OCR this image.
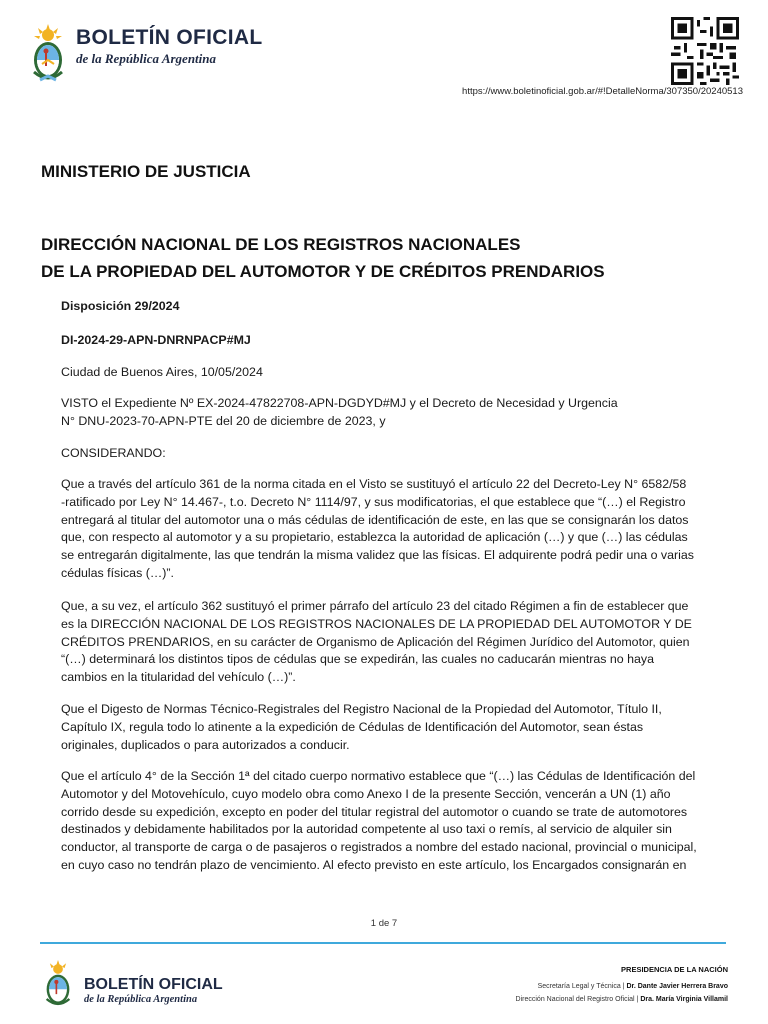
BOLETÍN OFICIAL
de la República Argentina
https://www.boletinoficial.gob.ar/#!DetalleNorma/307350/20240513
MINISTERIO DE JUSTICIA
DIRECCIÓN NACIONAL DE LOS REGISTROS NACIONALES
DE LA PROPIEDAD DEL AUTOMOTOR Y DE CRÉDITOS PRENDARIOS
Disposición 29/2024
DI-2024-29-APN-DNRNPACP#MJ
Ciudad de Buenos Aires, 10/05/2024
VISTO el Expediente Nº EX-2024-47822708-APN-DGDYD#MJ y el Decreto de Necesidad y Urgencia
N° DNU-2023-70-APN-PTE del 20 de diciembre de 2023, y
CONSIDERANDO:
Que a través del artículo 361 de la norma citada en el Visto se sustituyó el artículo 22 del Decreto-Ley N° 6582/58
-ratificado por Ley N° 14.467-, t.o. Decreto N° 1114/97, y sus modificatorias, el que establece que “(…) el Registro
entregará al titular del automotor una o más cédulas de identificación de este, en las que se consignarán los datos
que, con respecto al automotor y a su propietario, establezca la autoridad de aplicación (…) y que (…) las cédulas
se entregarán digitalmente, las que tendrán la misma validez que las físicas. El adquirente podrá pedir una o varias
cédulas físicas (…)”.
Que, a su vez, el artículo 362 sustituyó el primer párrafo del artículo 23 del citado Régimen a fin de establecer que
es la DIRECCIÓN NACIONAL DE LOS REGISTROS NACIONALES DE LA PROPIEDAD DEL AUTOMOTOR Y DE
CRÉDITOS PRENDARIOS, en su carácter de Organismo de Aplicación del Régimen Jurídico del Automotor, quien
“(…) determinará los distintos tipos de cédulas que se expedirán, las cuales no caducarán mientras no haya
cambios en la titularidad del vehículo (…)”.
Que el Digesto de Normas Técnico-Registrales del Registro Nacional de la Propiedad del Automotor, Título II,
Capítulo IX, regula todo lo atinente a la expedición de Cédulas de Identificación del Automotor, sean éstas
originales, duplicados o para autorizados a conducir.
Que el artículo 4° de la Sección 1ª del citado cuerpo normativo establece que “(…) las Cédulas de Identificación del
Automotor y del Motovehículo, cuyo modelo obra como Anexo I de la presente Sección, vencerán a UN (1) año
corrido desde su expedición, excepto en poder del titular registral del automotor o cuando se trate de automotores
destinados y debidamente habilitados por la autoridad competente al uso taxi o remís, al servicio de alquiler sin
conductor, al transporte de carga o de pasajeros o registrados a nombre del estado nacional, provincial o municipal,
en cuyo caso no tendrán plazo de vencimiento. Al efecto previsto en este artículo, los Encargados consignarán en
1 de 7
BOLETÍN OFICIAL
de la República Argentina
PRESIDENCIA DE LA NACIÓN
Secretaría Legal y Técnica | Dr. Dante Javier Herrera Bravo
Dirección Nacional del Registro Oficial | Dra. María Virginia Villamil
